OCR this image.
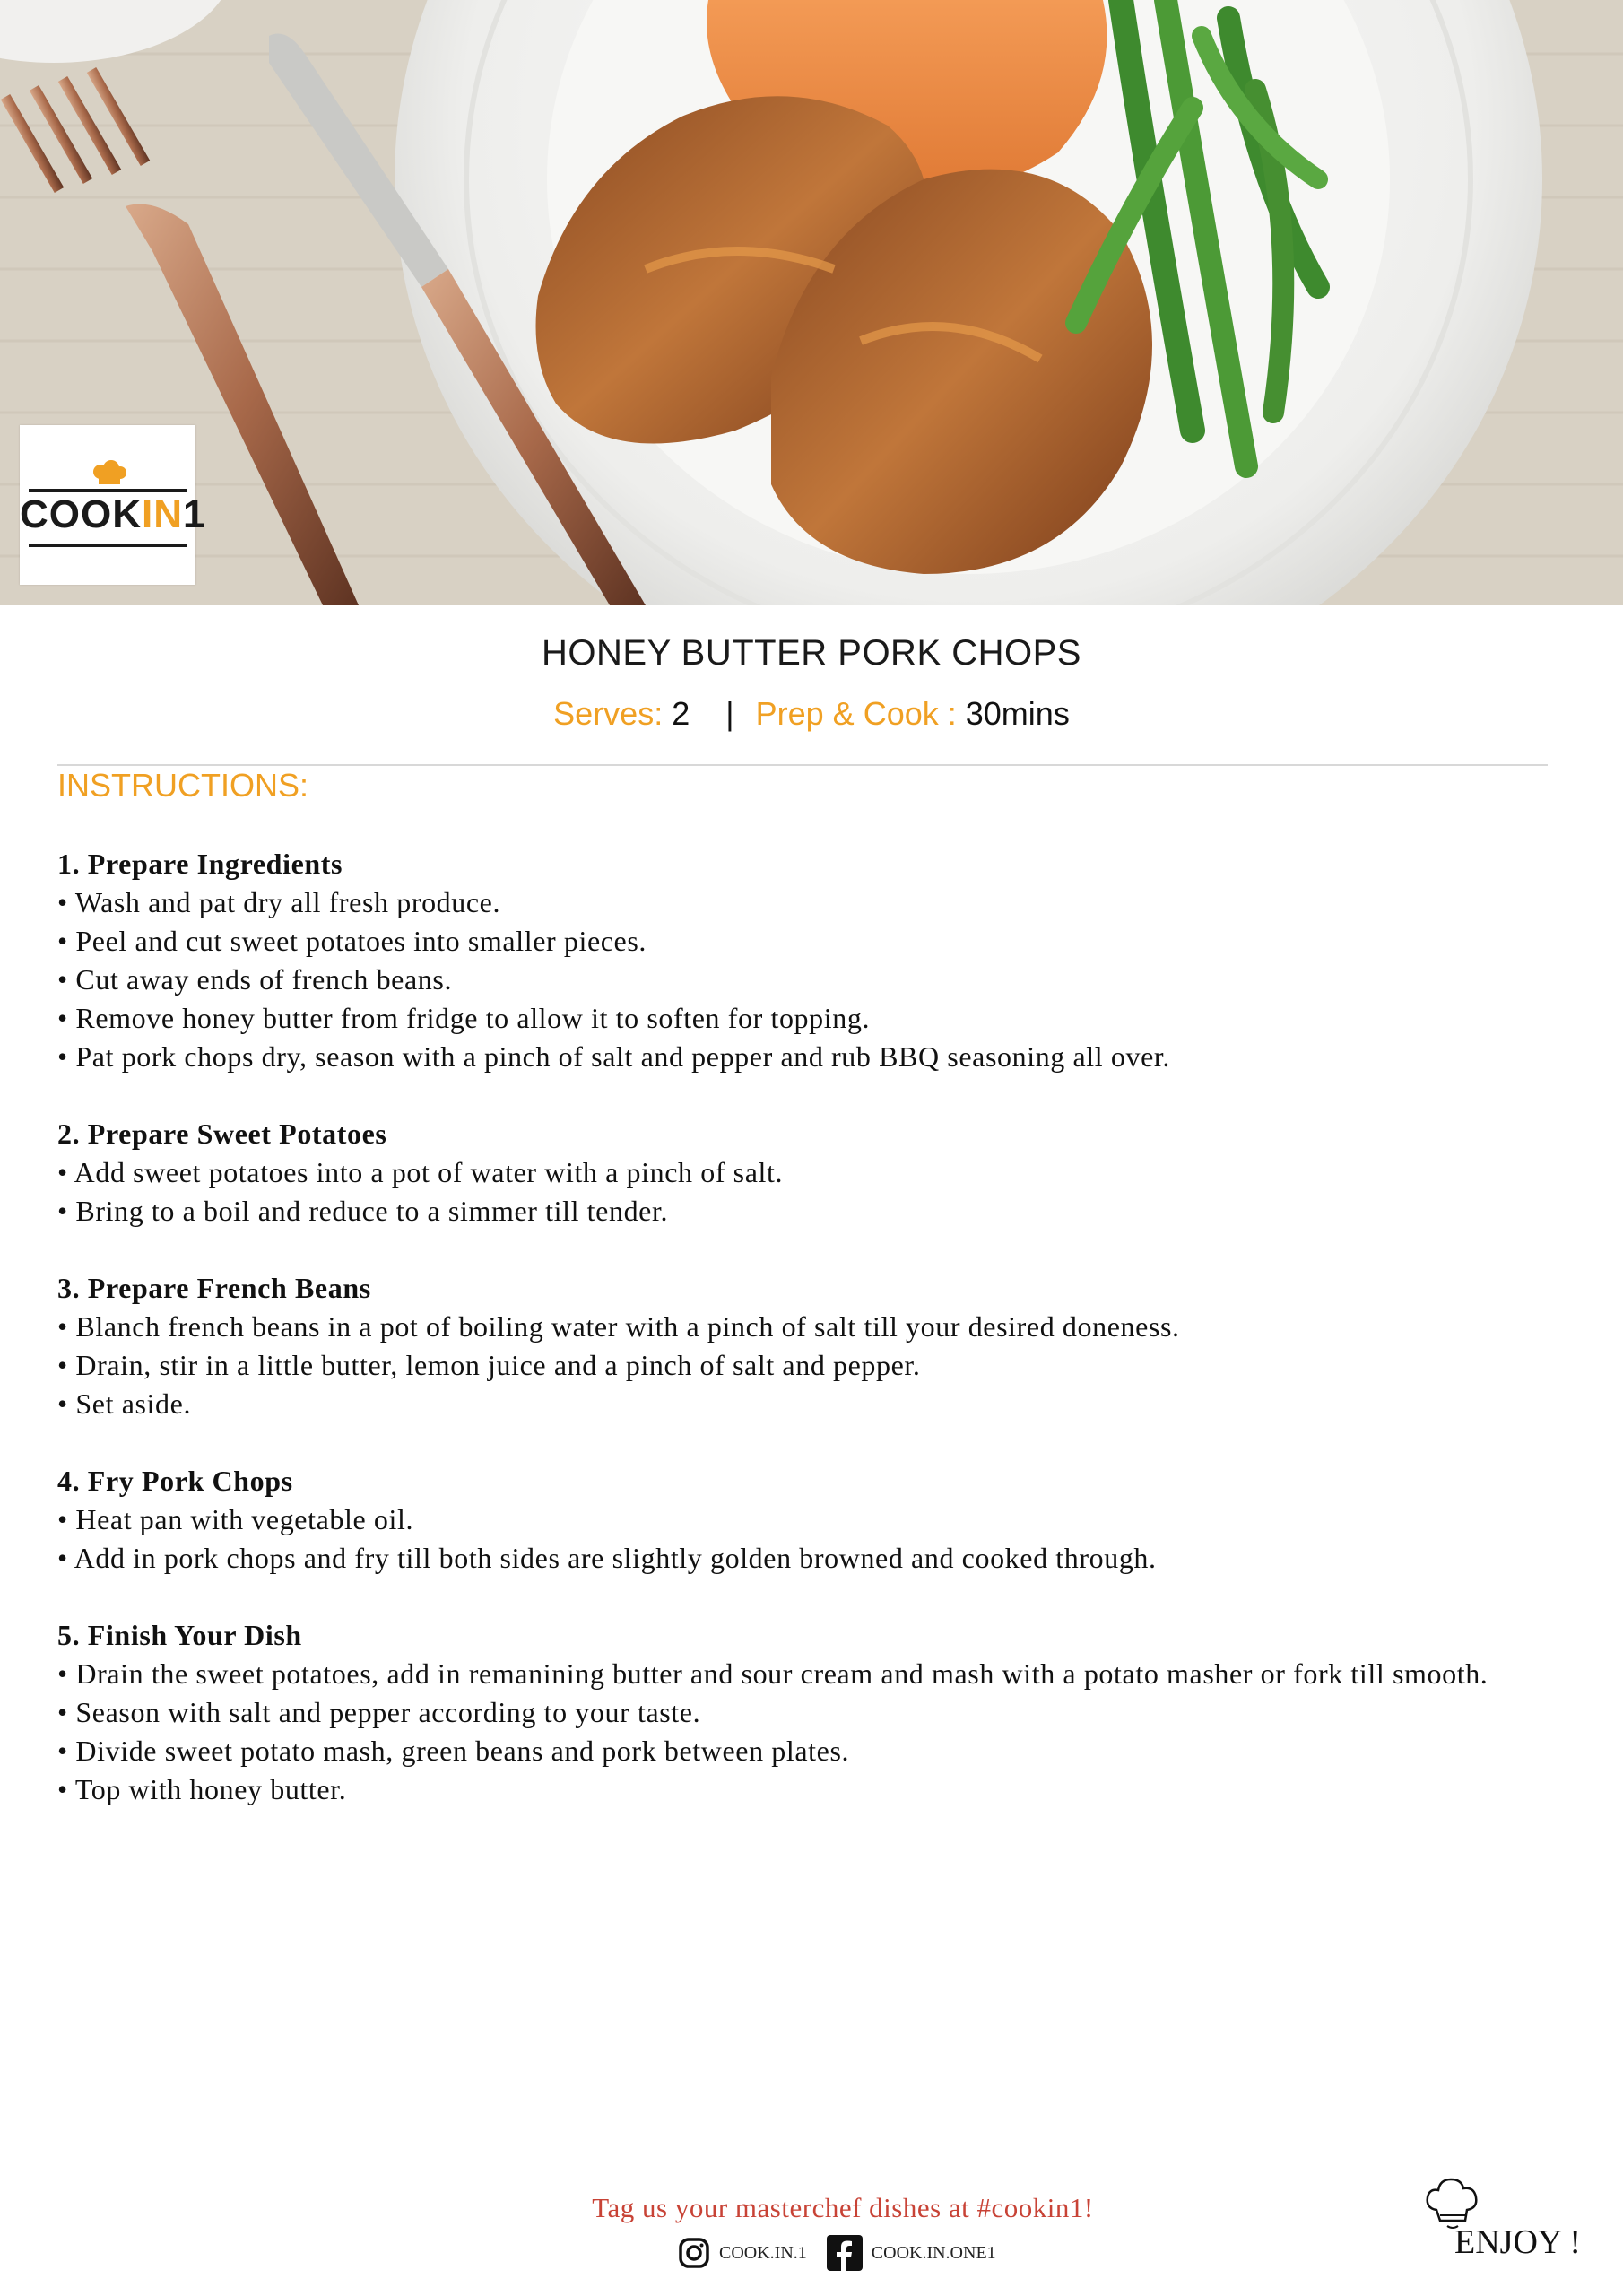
COOKIN1
HONEY BUTTER PORK CHOPS
Serves: 2 | Prep & Cook : 30mins
INSTRUCTIONS:
1. Prepare Ingredients
• Wash and pat dry all fresh produce.
• Peel and cut sweet potatoes into smaller pieces.
• Cut away ends of french beans.
• Remove honey butter from fridge to allow it to soften for topping.
• Pat pork chops dry, season with a pinch of salt and pepper and rub BBQ seasoning all over.
2. Prepare Sweet Potatoes
• Add sweet potatoes into a pot of water with a pinch of salt.
• Bring to a boil and reduce to a simmer till tender.
3. Prepare French Beans
• Blanch french beans in a pot of boiling water with a pinch of salt till your desired doneness.
• Drain, stir in a little butter, lemon juice and a pinch of salt and pepper.
• Set aside.
4. Fry Pork Chops
• Heat pan with vegetable oil.
• Add in pork chops and fry till both sides are slightly golden browned and cooked through.
5. Finish Your Dish
• Drain the sweet potatoes, add in remanining butter and sour cream and mash with a potato masher or fork till smooth.
• Season with salt and pepper according to your taste.
• Divide sweet potato mash, green beans and pork between plates.
• Top with honey butter.
Tag us your masterchef dishes at #cookin1!
COOK.IN.1	COOK.IN.ONE1	ENJOY !
